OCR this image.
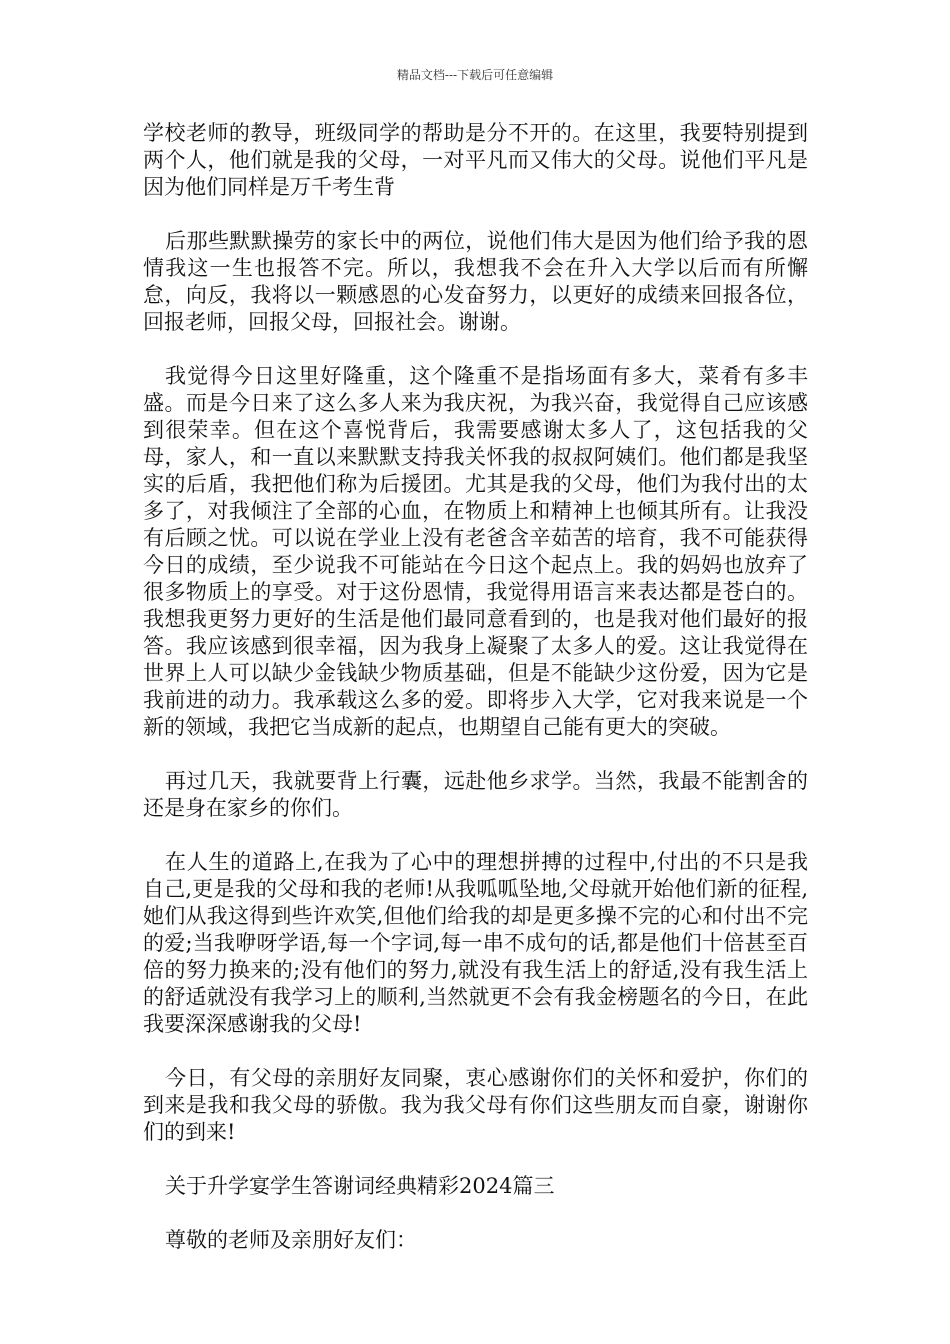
精品文档---下载后可任意编辑

学校老师的教导，班级同学的帮助是分不开的。在这里，我要特别提到两个人，他们就是我的父母，一对平凡而又伟大的父母。说他们平凡是因为他们同样是万千考生背

后那些默默操劳的家长中的两位，说他们伟大是因为他们给予我的恩情我这一生也报答不完。所以，我想我不会在升入大学以后而有所懈怠，向反，我将以一颗感恩的心发奋努力，以更好的成绩来回报各位，回报老师，回报父母，回报社会。谢谢。

我觉得今日这里好隆重，这个隆重不是指场面有多大，菜肴有多丰盛。而是今日来了这么多人来为我庆祝，为我兴奋，我觉得自己应该感到很荣幸。但在这个喜悦背后，我需要感谢太多人了，这包括我的父母，家人，和一直以来默默支持我关怀我的叔叔阿姨们。他们都是我坚实的后盾，我把他们称为后援团。尤其是我的父母，他们为我付出的太多了，对我倾注了全部的心血，在物质上和精神上也倾其所有。让我没有后顾之忧。可以说在学业上没有老爸含辛茹苦的培育，我不可能获得今日的成绩，至少说我不可能站在今日这个起点上。我的妈妈也放弃了很多物质上的享受。对于这份恩情，我觉得用语言来表达都是苍白的。我想我更努力更好的生活是他们最同意看到的，也是我对他们最好的报答。我应该感到很幸福，因为我身上凝聚了太多人的爱。这让我觉得在世界上人可以缺少金钱缺少物质基础，但是不能缺少这份爱，因为它是我前进的动力。我承载这么多的爱。即将步入大学，它对我来说是一个新的领域，我把它当成新的起点，也期望自己能有更大的突破。

再过几天，我就要背上行囊，远赴他乡求学。当然，我最不能割舍的还是身在家乡的你们。

在人生的道路上,在我为了心中的理想拼搏的过程中,付出的不只是我自己,更是我的父母和我的老师!从我呱呱坠地,父母就开始他们新的征程,她们从我这得到些许欢笑,但他们给我的却是更多操不完的心和付出不完的爱;当我咿呀学语,每一个字词,每一串不成句的话,都是他们十倍甚至百倍的努力换来的;没有他们的努力,就没有我生活上的舒适,没有我生活上的舒适就没有我学习上的顺利,当然就更不会有我金榜题名的今日，在此我要深深感谢我的父母!

今日，有父母的亲朋好友同聚，衷心感谢你们的关怀和爱护，你们的到来是我和我父母的骄傲。我为我父母有你们这些朋友而自豪，谢谢你们的到来!

关于升学宴学生答谢词经典精彩2024篇三

尊敬的老师及亲朋好友们：
